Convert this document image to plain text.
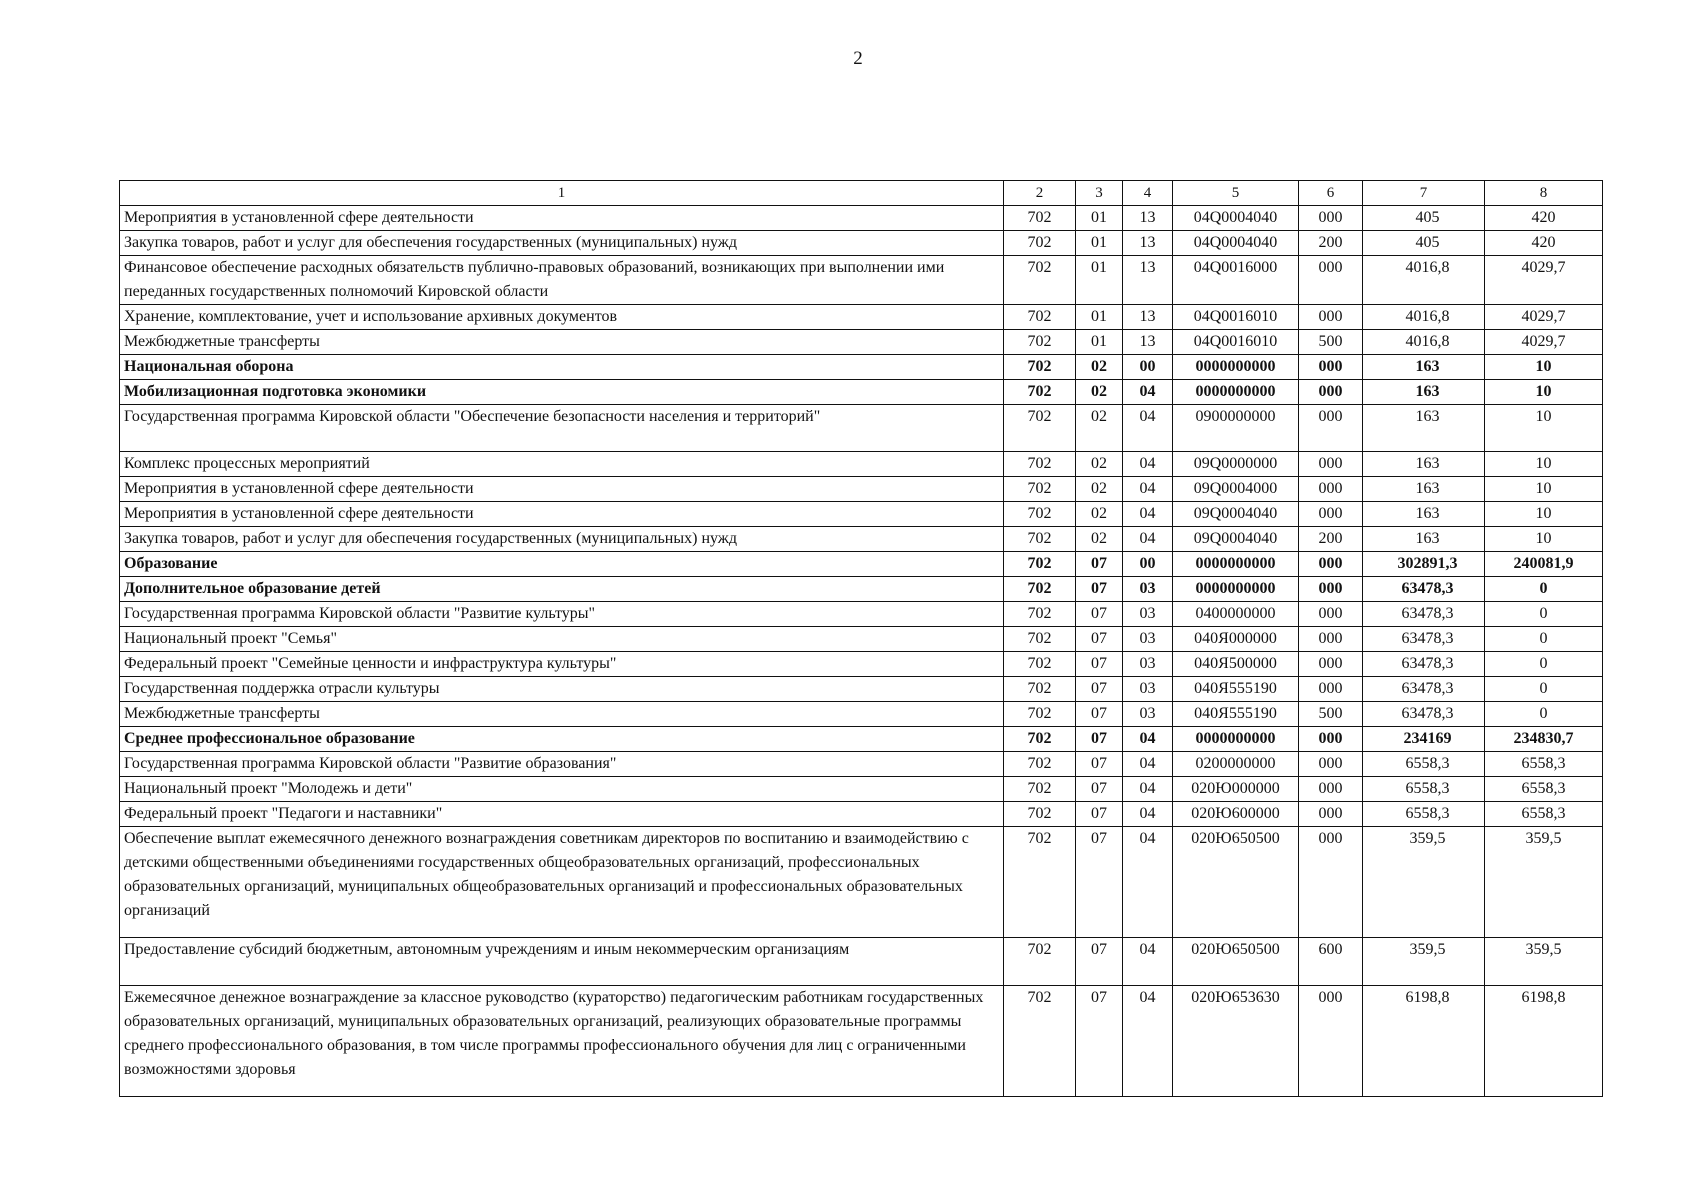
2
1	2	3	4	5	6	7	8
Мероприятия в установленной сфере деятельности	702	01	13	04Q0004040	000	405	420
Закупка товаров, работ и услуг для обеспечения государственных (муниципальных) нужд	702	01	13	04Q0004040	200	405	420
Финансовое обеспечение расходных обязательств публично-правовых образований, возникающих при выполнении ими переданных государственных полномочий Кировской области	702	01	13	04Q0016000	000	4016,8	4029,7
Хранение, комплектование, учет и использование архивных документов	702	01	13	04Q0016010	000	4016,8	4029,7
Межбюджетные трансферты	702	01	13	04Q0016010	500	4016,8	4029,7
Национальная оборона	702	02	00	0000000000	000	163	10
Мобилизационная подготовка экономики	702	02	04	0000000000	000	163	10
Государственная программа Кировской области "Обеспечение безопасности населения и территорий"	702	02	04	0900000000	000	163	10
Комплекс процессных мероприятий	702	02	04	09Q0000000	000	163	10
Мероприятия в установленной сфере деятельности	702	02	04	09Q0004000	000	163	10
Мероприятия в установленной сфере деятельности	702	02	04	09Q0004040	000	163	10
Закупка товаров, работ и услуг для обеспечения государственных (муниципальных) нужд	702	02	04	09Q0004040	200	163	10
Образование	702	07	00	0000000000	000	302891,3	240081,9
Дополнительное образование детей	702	07	03	0000000000	000	63478,3	0
Государственная программа Кировской области "Развитие культуры"	702	07	03	0400000000	000	63478,3	0
Национальный проект "Семья"	702	07	03	040Я000000	000	63478,3	0
Федеральный проект "Семейные ценности и инфраструктура культуры"	702	07	03	040Я500000	000	63478,3	0
Государственная поддержка отрасли культуры	702	07	03	040Я555190	000	63478,3	0
Межбюджетные трансферты	702	07	03	040Я555190	500	63478,3	0
Среднее профессиональное образование	702	07	04	0000000000	000	234169	234830,7
Государственная программа Кировской области "Развитие образования"	702	07	04	0200000000	000	6558,3	6558,3
Национальный проект "Молодежь и дети"	702	07	04	020Ю000000	000	6558,3	6558,3
Федеральный проект "Педагоги и наставники"	702	07	04	020Ю600000	000	6558,3	6558,3
Обеспечение выплат ежемесячного денежного вознаграждения советникам директоров по воспитанию и взаимодействию с детскими общественными объединениями государственных общеобразовательных организаций, профессиональных образовательных организаций, муниципальных общеобразовательных организаций и профессиональных образовательных организаций	702	07	04	020Ю650500	000	359,5	359,5
Предоставление субсидий бюджетным, автономным учреждениям и иным некоммерческим организациям	702	07	04	020Ю650500	600	359,5	359,5
Ежемесячное денежное вознаграждение за классное руководство (кураторство) педагогическим работникам государственных образовательных организаций, муниципальных образовательных организаций, реализующих образовательные программы среднего профессионального образования, в том числе программы профессионального обучения для лиц с ограниченными возможностями здоровья	702	07	04	020Ю653630	000	6198,8	6198,8
